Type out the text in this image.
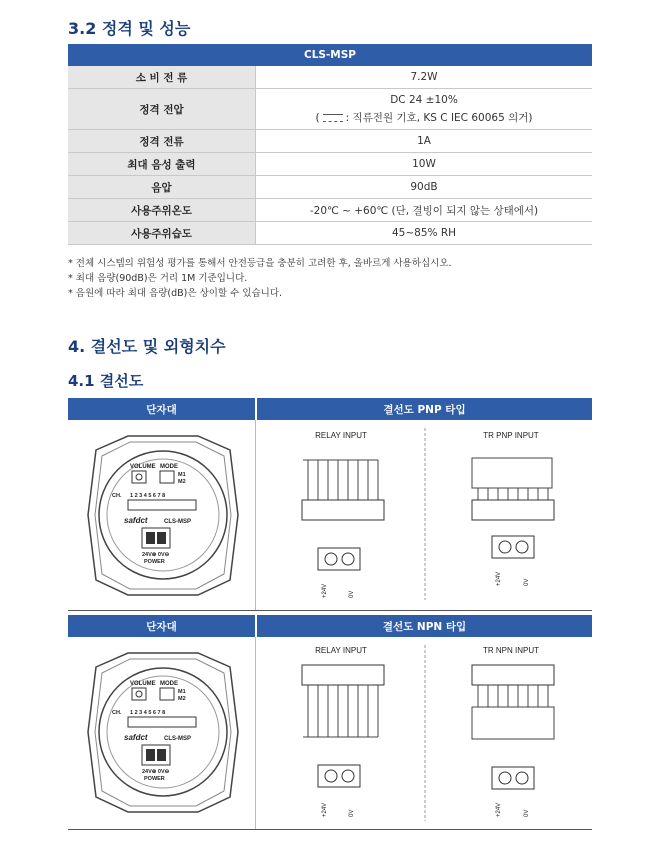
3.2 정격 및 성능
CLS-MSP	
소 비 전 류	7.2W
정격 전압	DC 24 ±10%
( : 직류전원 기호, KS C IEC 60065 의거)

정격 전류	1A
최대 음성 출력	10W
음압	90dB
사용주위온도	-20℃ ~ +60℃ (단, 결빙이 되지 않는 상태에서)
사용주위습도	45~85% RH
* 전체 시스템의 위험성 평가를 통해서 안전등급을 충분히 고려한 후, 올바르게 사용하십시오.
* 최대 음량(90dB)은 거리 1M 기준입니다.
* 음원에 따라 최대 음량(dB)은 상이할 수 있습니다.
4. 결선도 및 외형치수
4.1 결선도
단자대	결선도 PNP 타입
VOLUME MODE
M1
M2
CH. 1 2 3 4 5 6 7 8
safdct	CLS-MSP
24V⊕ 0V⊖
POWER
RELAY INPUT	TR PNP INPUT
+24V	0V
+24V	0V
단자대	결선도 NPN 타입
VOLUME MODE
M1
M2
CH. 1 2 3 4 5 6 7 8
safdct	CLS-MSP
24V⊕ 0V⊖
POWER
RELAY INPUT	TR NPN INPUT
+24V	0V	+24V	0V
